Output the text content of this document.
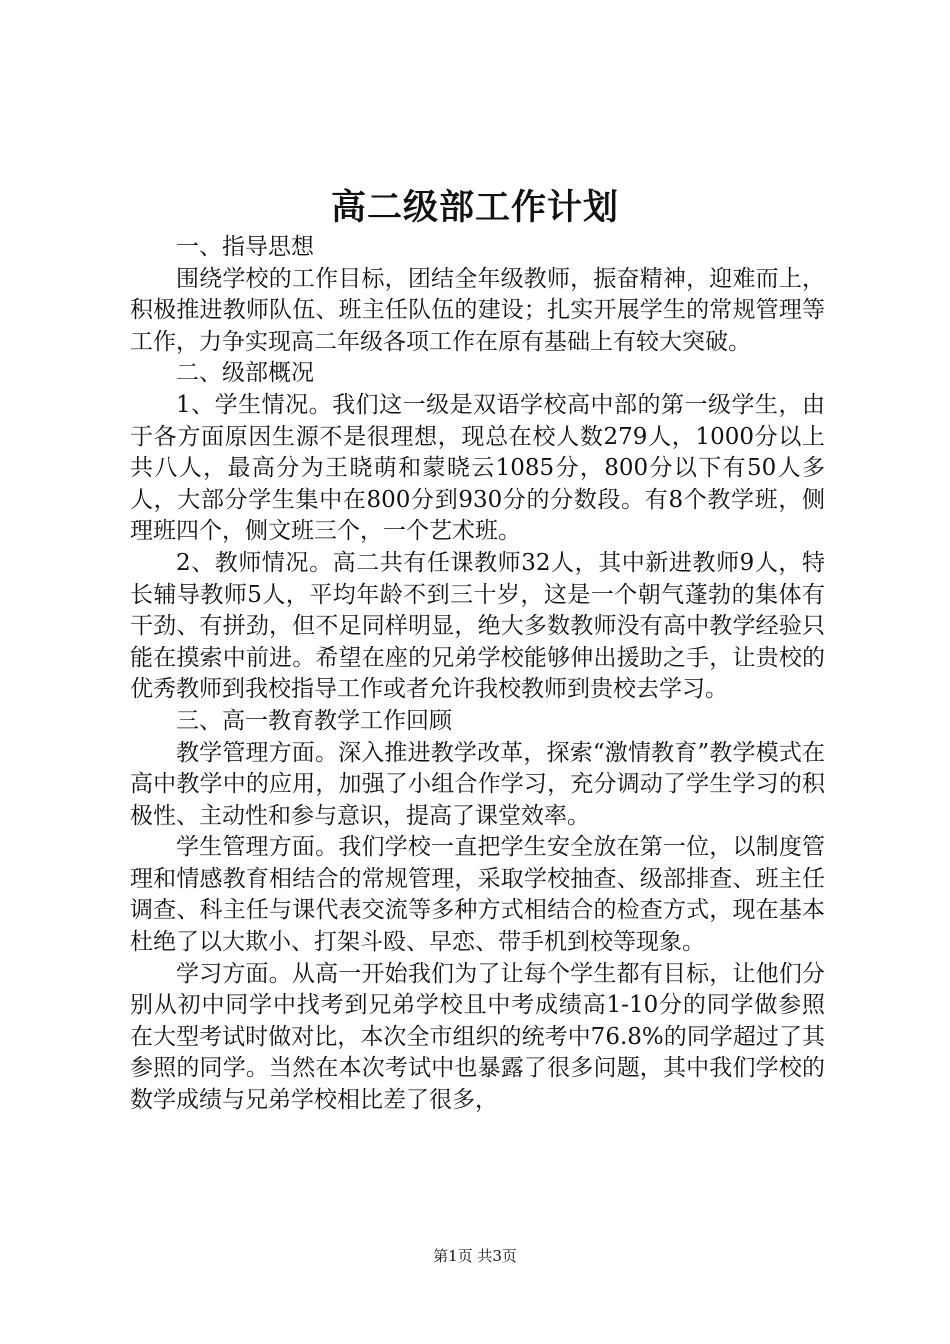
高二级部工作计划

一、指导思想

围绕学校的工作目标，团结全年级教师，振奋精神，迎难而上，积极推进教师队伍、班主任队伍的建设；扎实开展学生的常规管理等工作，力争实现高二年级各项工作在原有基础上有较大突破。

二、级部概况

1、学生情况。我们这一级是双语学校高中部的第一级学生，由于各方面原因生源不是很理想，现总在校人数279人，1000分以上共八人，最高分为王晓萌和蒙晓云1085分，800分以下有50人多人，大部分学生集中在800分到930分的分数段。有8个教学班，侧理班四个，侧文班三个，一个艺术班。

2、教师情况。高二共有任课教师32人，其中新进教师9人，特长辅导教师5人，平均年龄不到三十岁，这是一个朝气蓬勃的集体有干劲、有拼劲，但不足同样明显，绝大多数教师没有高中教学经验只能在摸索中前进。希望在座的兄弟学校能够伸出援助之手，让贵校的优秀教师到我校指导工作或者允许我校教师到贵校去学习。

三、高一教育教学工作回顾

教学管理方面。深入推进教学改革，探索“激情教育”教学模式在高中教学中的应用，加强了小组合作学习，充分调动了学生学习的积极性、主动性和参与意识，提高了课堂效率。

学生管理方面。我们学校一直把学生安全放在第一位，以制度管理和情感教育相结合的常规管理，采取学校抽查、级部排查、班主任调查、科主任与课代表交流等多种方式相结合的检查方式，现在基本杜绝了以大欺小、打架斗殴、早恋、带手机到校等现象。

学习方面。从高一开始我们为了让每个学生都有目标，让他们分别从初中同学中找考到兄弟学校且中考成绩高1-10分的同学做参照在大型考试时做对比，本次全市组织的统考中76.8%的同学超过了其参照的同学。当然在本次考试中也暴露了很多问题，其中我们学校的数学成绩与兄弟学校相比差了很多，

第1页 共3页
